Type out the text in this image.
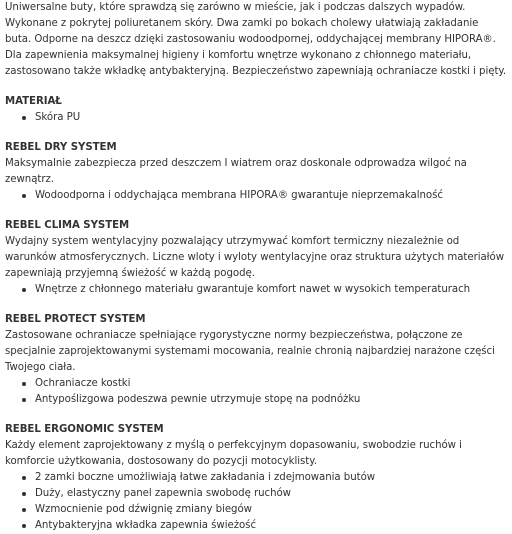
Uniwersalne buty, które sprawdzą się zarówno w mieście, jak i podczas dalszych wypadów. Wykonane z pokrytej poliuretanem skóry. Dwa zamki po bokach cholewy ułatwiają zakładanie buta. Odporne na deszcz dzięki zastosowaniu wodoodpornej, oddychającej membrany HIPORA®. Dla zapewnienia maksymalnej higieny i komfortu wnętrze wykonano z chłonnego materiału, zastosowano także wkładkę antybakteryjną. Bezpieczeństwo zapewniają ochraniacze kostki i pięty.

MATERIAŁ
Skóra PU
REBEL DRY SYSTEM

Maksymalnie zabezpiecza przed deszczem I wiatrem oraz doskonale odprowadza wilgoć na zewnątrz.

Wodoodporna i oddychająca membrana HIPORA® gwarantuje nieprzemakalność
REBEL CLIMA SYSTEM

Wydajny system wentylacyjny pozwalający utrzymywać komfort termiczny niezależnie od warunków atmosferycznych. Liczne wloty i wyloty wentylacyjne oraz struktura użytych materiałów zapewniają przyjemną świeżość w każdą pogodę.

Wnętrze z chłonnego materiału gwarantuje komfort nawet w wysokich temperaturach
REBEL PROTECT SYSTEM

Zastosowane ochraniacze spełniające rygorystyczne normy bezpieczeństwa, połączone ze specjalnie zaprojektowanymi systemami mocowania, realnie chronią najbardziej narażone części Twojego ciała.

Ochraniacze kostki
Antypoślizgowa podeszwa pewnie utrzymuje stopę na podnóżku
REBEL ERGONOMIC SYSTEM

Każdy element zaprojektowany z myślą o perfekcyjnym dopasowaniu, swobodzie ruchów i komforcie użytkowania, dostosowany do pozycji motocyklisty.

2 zamki boczne umożliwiają łatwe zakładania i zdejmowania butów
Duży, elastyczny panel zapewnia swobodę ruchów
Wzmocnienie pod dźwignię zmiany biegów
Antybakteryjna wkładka zapewnia świeżość
